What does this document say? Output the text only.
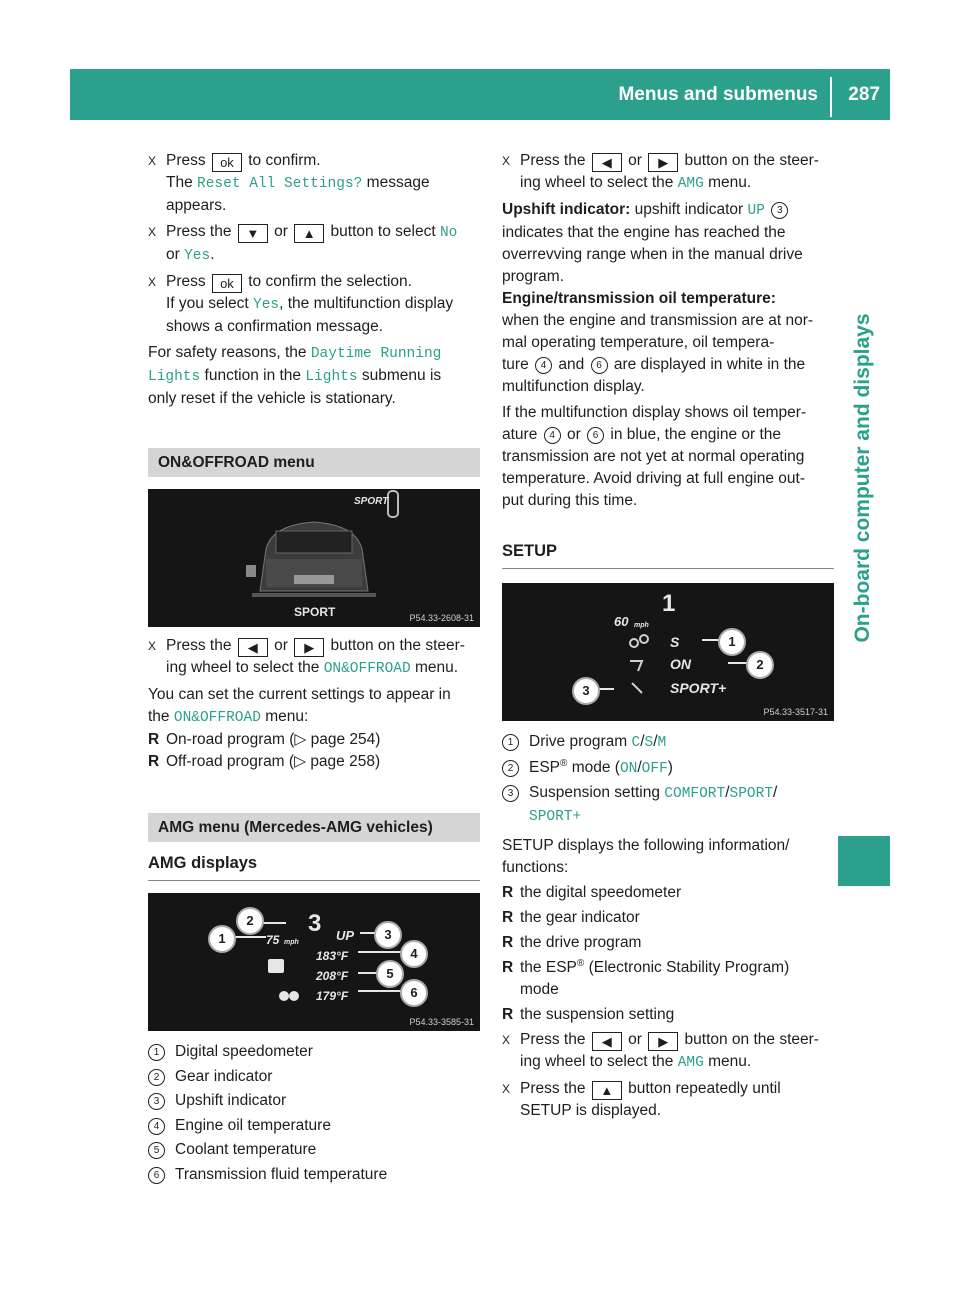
Menus and submenus 287
On-board computer and displays
X Press ok to confirm.

The Reset All Settings? message

appears.

X Press the ▼ or ▲ button to select No

or Yes.

X Press ok to confirm the selection.

If you select Yes, the multifunction display

shows a confirmation message.

For safety reasons, the Daytime Running

Lights function in the Lights submenu is

only reset if the vehicle is stationary.

ON&OFFROAD menu
SPORT
SPORT	P54.33-2608-31
X Press the ◀ or ▶ button on the steer-

ing wheel to select the ON&OFFROAD menu.

You can set the current settings to appear in

the ON&OFFROAD menu:

R On-road program (▷ page 254)
R Off-road program (▷ page 258)
AMG menu (Mercedes-AMG vehicles)
AMG displays
3
75 mph	UP
183°F
208°F
179°F
1
2
3
4
5
6
P54.33-3585-31
1	Digital speedometer
2	Gear indicator
3	Upshift indicator
4	Engine oil temperature
5	Coolant temperature
6	Transmission fluid temperature
X Press the ◀ or ▶ button on the steer-

ing wheel to select the AMG menu.

Upshift indicator: upshift indicator UP 3

indicates that the engine has reached the

overrevving range when in the manual drive

program.

Engine/transmission oil temperature:

when the engine and transmission are at nor-

mal operating temperature, oil tempera-

ture 4 and 6 are displayed in white in the

multifunction display.

If the multifunction display shows oil temper-

ature 4 or 6 in blue, the engine or the

transmission are not yet at normal operating

temperature. Avoid driving at full engine out-

put during this time.

SETUP
1
60 mph
S
ON
SPORT+
1
2
3
P54.33-3517-31
1	Drive program C/S/M
2	ESP® mode (ON/OFF)
3	Suspension setting COMFORT/SPORT/
SPORT+

SETUP displays the following information/

functions:

R the digital speedometer
R the gear indicator
R the drive program
R the ESP® (Electronic Stability Program)
mode
R the suspension setting
X Press the ◀ or ▶ button on the steer-

ing wheel to select the AMG menu.

X Press the ▲ button repeatedly until

SETUP is displayed.
